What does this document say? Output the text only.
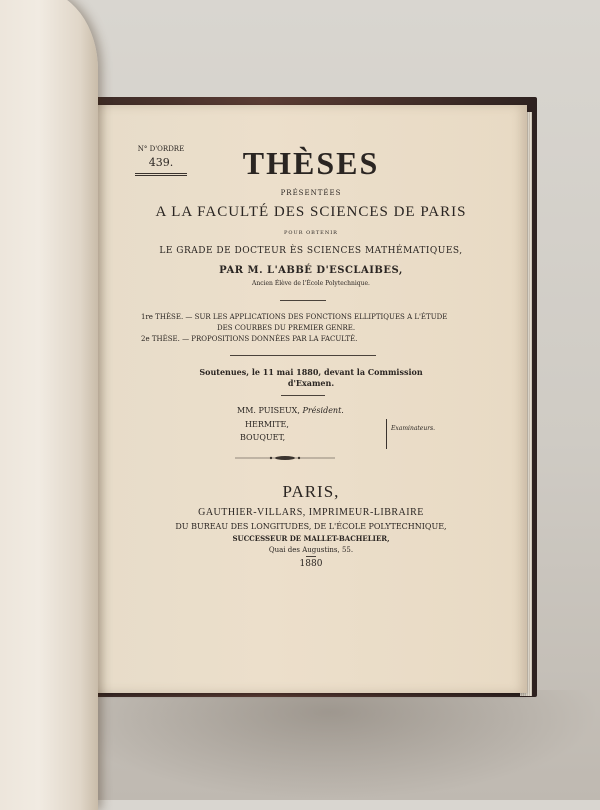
N° D'ORDRE
439.	THÈSES
PRÉSENTÉES
A LA FACULTÉ DES SCIENCES DE PARIS
POUR OBTENIR
LE GRADE DE DOCTEUR ÈS SCIENCES MATHÉMATIQUES,
PAR M. L'ABBÉ D'ESCLAIBES,
Ancien Élève de l'École Polytechnique.
1re THÈSE. — SUR LES APPLICATIONS DES FONCTIONS ELLIPTIQUES A L'ÉTUDE
DES COURBES DU PREMIER GENRE.
2e THÈSE. — PROPOSITIONS DONNÉES PAR LA FACULTÉ.
Soutenues, le 11 mai 1880, devant la Commission
d'Examen.
MM. PUISEUX, Président.
HERMITE,
BOUQUET,
Examinateurs.
PARIS,
GAUTHIER-VILLARS, IMPRIMEUR-LIBRAIRE
DU BUREAU DES LONGITUDES, DE L'ÉCOLE POLYTECHNIQUE,
SUCCESSEUR DE MALLET-BACHELIER,
Quai des Augustins, 55.
1880
